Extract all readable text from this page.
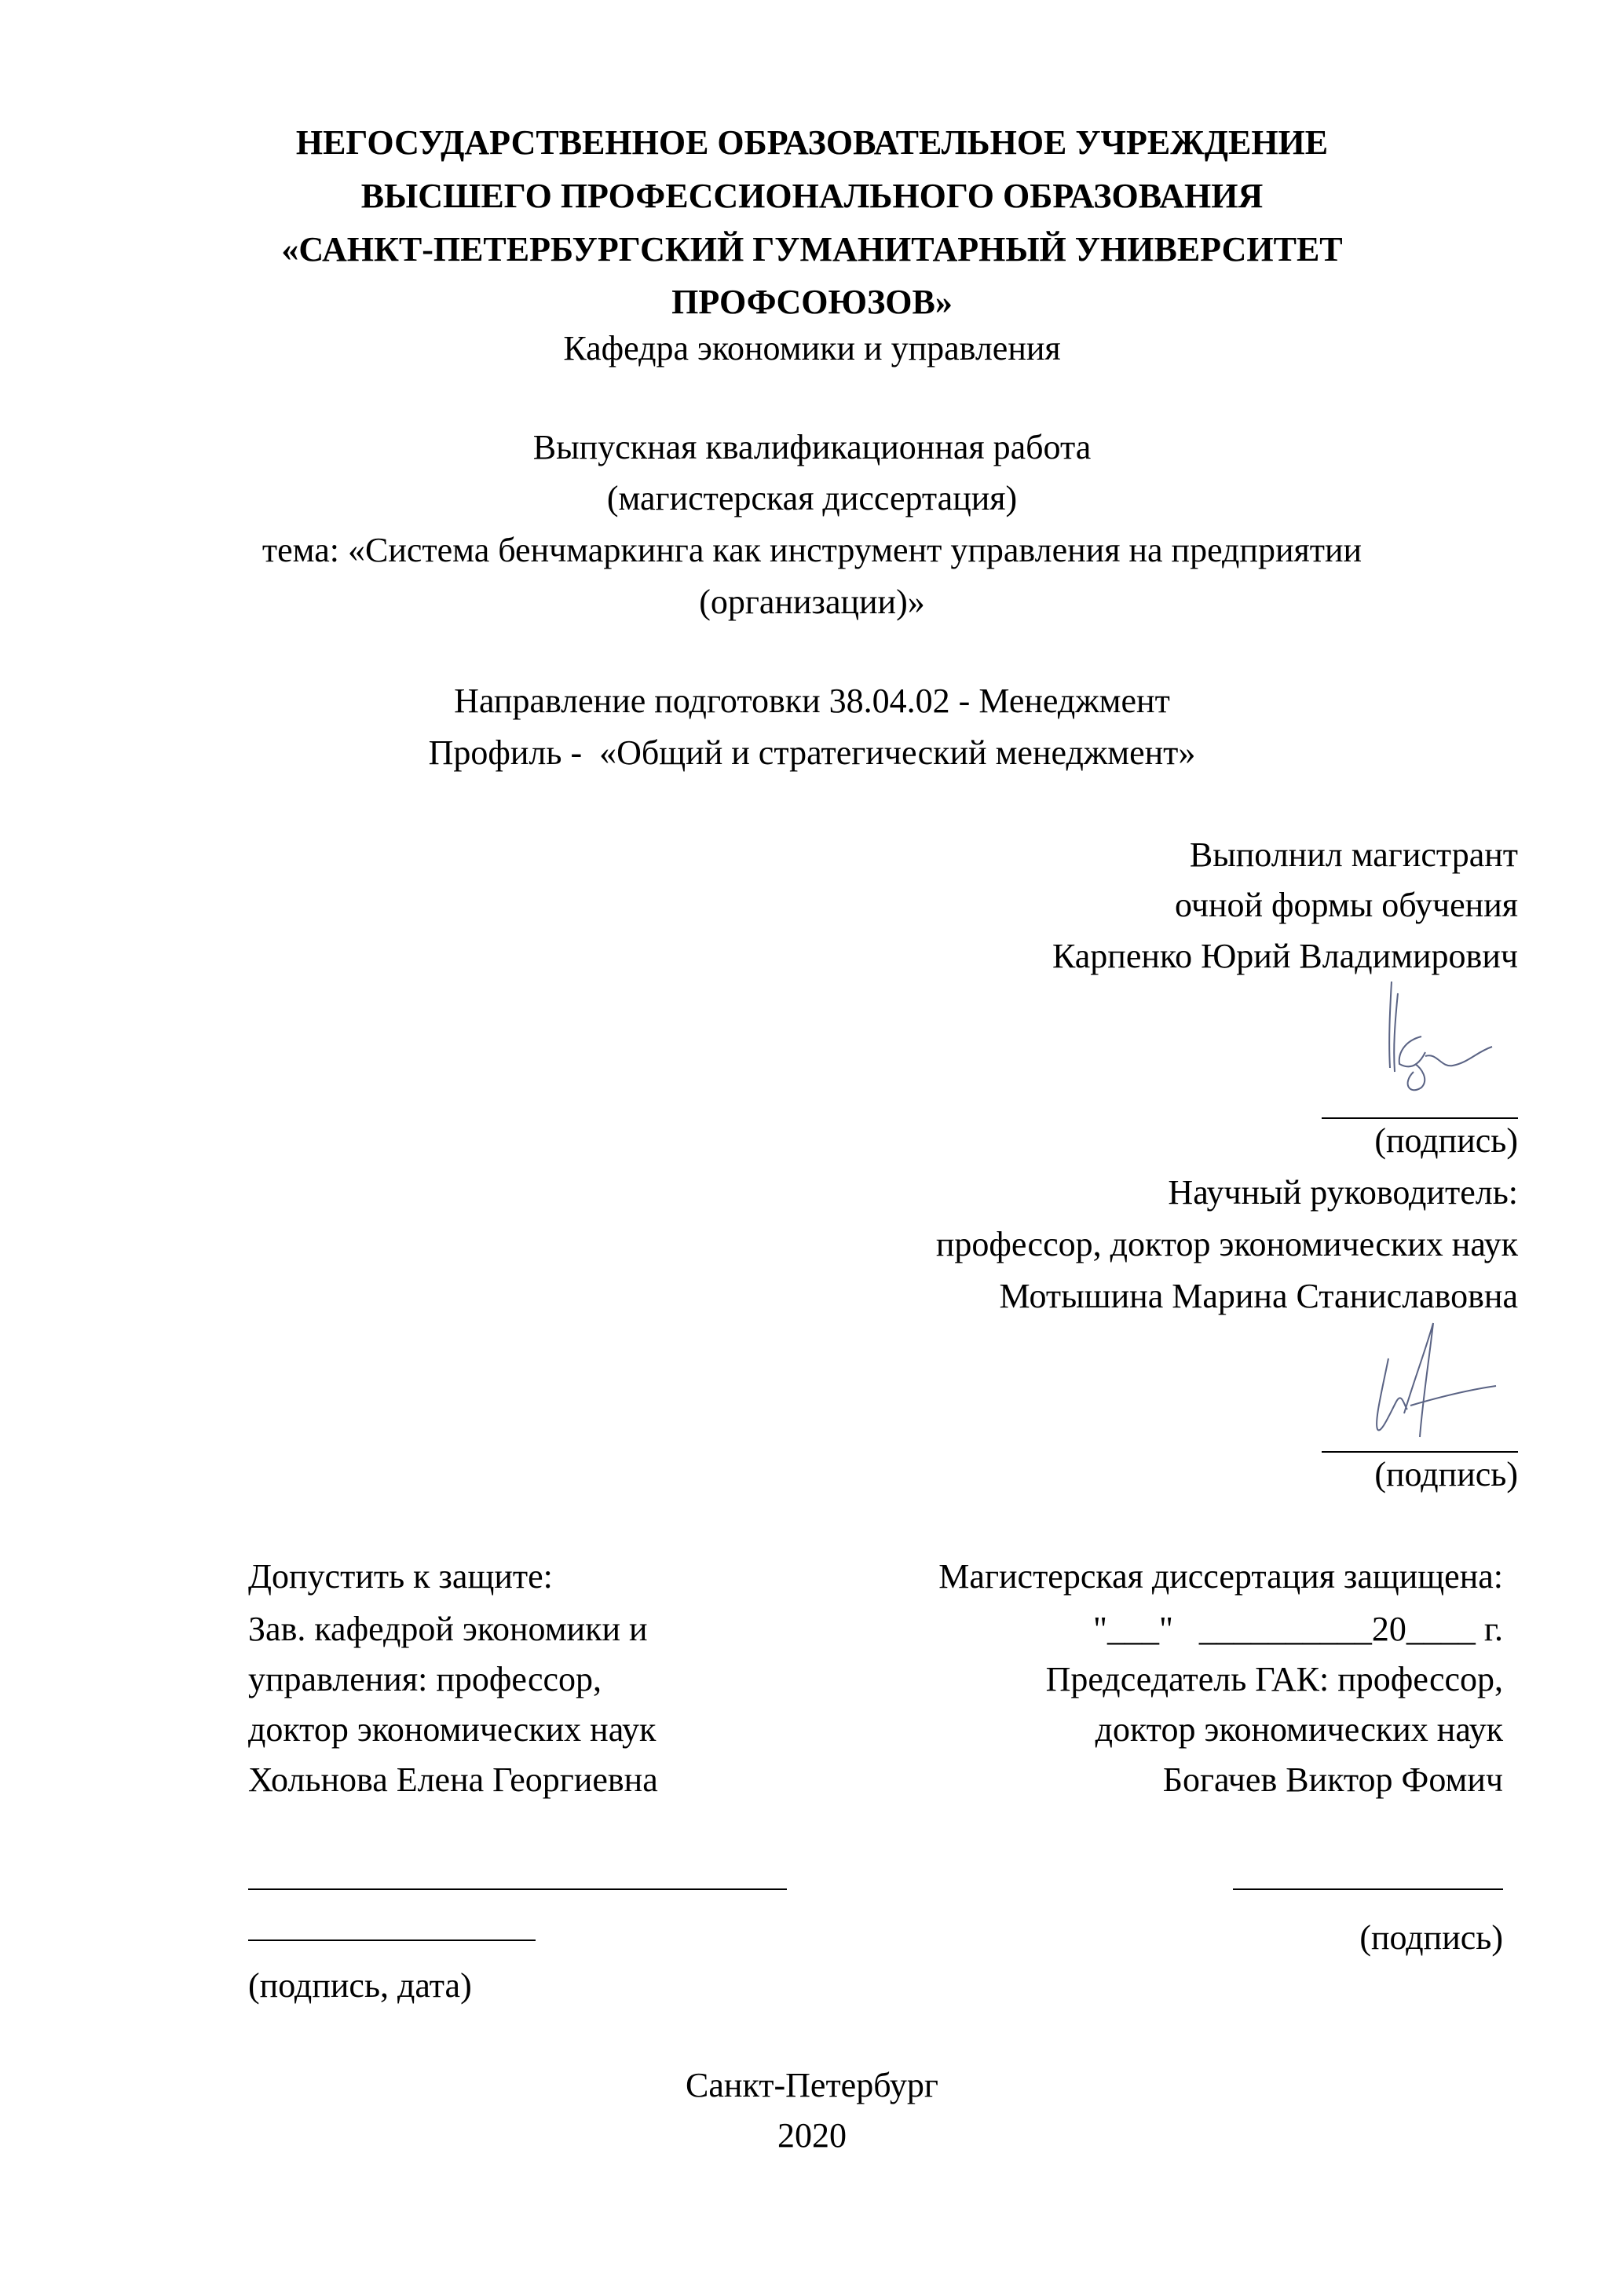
НЕГОСУДАРСТВЕННОЕ ОБРАЗОВАТЕЛЬНОЕ УЧРЕЖДЕНИЕ
ВЫСШЕГО ПРОФЕССИОНАЛЬНОГО ОБРАЗОВАНИЯ
«САНКТ-ПЕТЕРБУРГСКИЙ ГУМАНИТАРНЫЙ УНИВЕРСИТЕТ
ПРОФСОЮЗОВ»
Кафедра экономики и управления
Выпускная квалификационная работа
(магистерская диссертация)
тема: «Система бенчмаркинга как инструмент управления на предприятии
(организации)»
Направление подготовки 38.04.02 - Менеджмент
Профиль -  «Общий и стратегический менеджмент»
Выполнил магистрант
очной формы обучения
Карпенко Юрий Владимирович
(подпись)
Научный руководитель:
профессор, доктор экономических наук
Мотышина Марина Станиславовна
(подпись)
Допустить к защите:
Зав. кафедрой экономики и
управления: профессор,
доктор экономических наук
Хольнова Елена Георгиевна
(подпись, дата)
Магистерская диссертация защищена:
"___"   __________20____ г.
Председатель ГАК: профессор,
доктор экономических наук
Богачев Виктор Фомич
(подпись)
Санкт-Петербург
2020
